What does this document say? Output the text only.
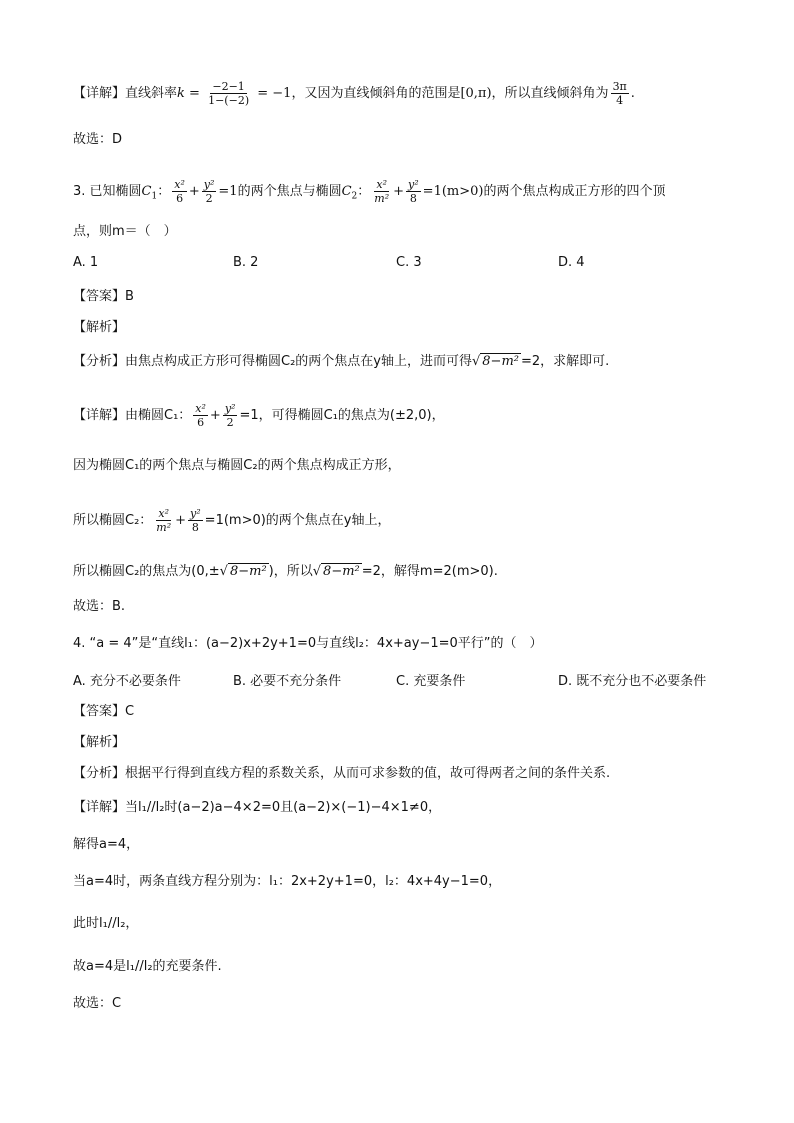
【详解】直线斜率$k = \frac{-2-1}{1-(-2)} = -1$，又因为直线倾斜角的范围是[0,π)，所以直线倾斜角为 $\frac{3\pi}{4}$ .
故选：D
3. 已知椭圆$C_1$： $\frac{\text{x²}}{6} + \frac{\text{y²}}{2} =1$的两个焦点与椭圆$C_2$： $\frac{\text{x²}}{\text{m²}} + \frac{\text{y²}}{8} =1(m>0)$的两个焦点构成正方形的四个顶
点，则m＝（　）
A. 1	B. 2	C. 3	D. 4
【答案】B
【解析】
【分析】由焦点构成正方形可得椭圆C₂的两个焦点在y轴上，进而可得√ 8−m² =2，求解即可.
【详解】由椭圆C₁： $\frac{\text{x²}}{6} + \frac{\text{y²}}{2} =1$，可得椭圆C₁的焦点为(±2,0)，
因为椭圆C₁的两个焦点与椭圆C₂的两个焦点构成正方形，
所以椭圆C₂： $\frac{\text{x²}}{\text{m²}} + \frac{\text{y²}}{8} =1(m>0)$的两个焦点在y轴上，
所以椭圆C₂的焦点为(0,±√ 8−m² )，所以√ 8−m² =2，解得m=2(m>0).
故选：B.
4. “a = 4”是“直线l₁：(a−2)x+2y+1=0与直线l₂：4x+ay−1=0平行”的（　）
A. 充分不必要条件	B. 必要不充分条件	C. 充要条件	D. 既不充分也不必要条件
【答案】C
【解析】
【分析】根据平行得到直线方程的系数关系，从而可求参数的值，故可得两者之间的条件关系.
【详解】当l₁//l₂时(a−2)a−4×2=0且(a−2)×(−1)−4×1≠0，
解得a=4，
当a=4时，两条直线方程分别为：l₁：2x+2y+1=0，l₂：4x+4y−1=0，
此时l₁//l₂，
故a=4是l₁//l₂的充要条件.
故选：C
